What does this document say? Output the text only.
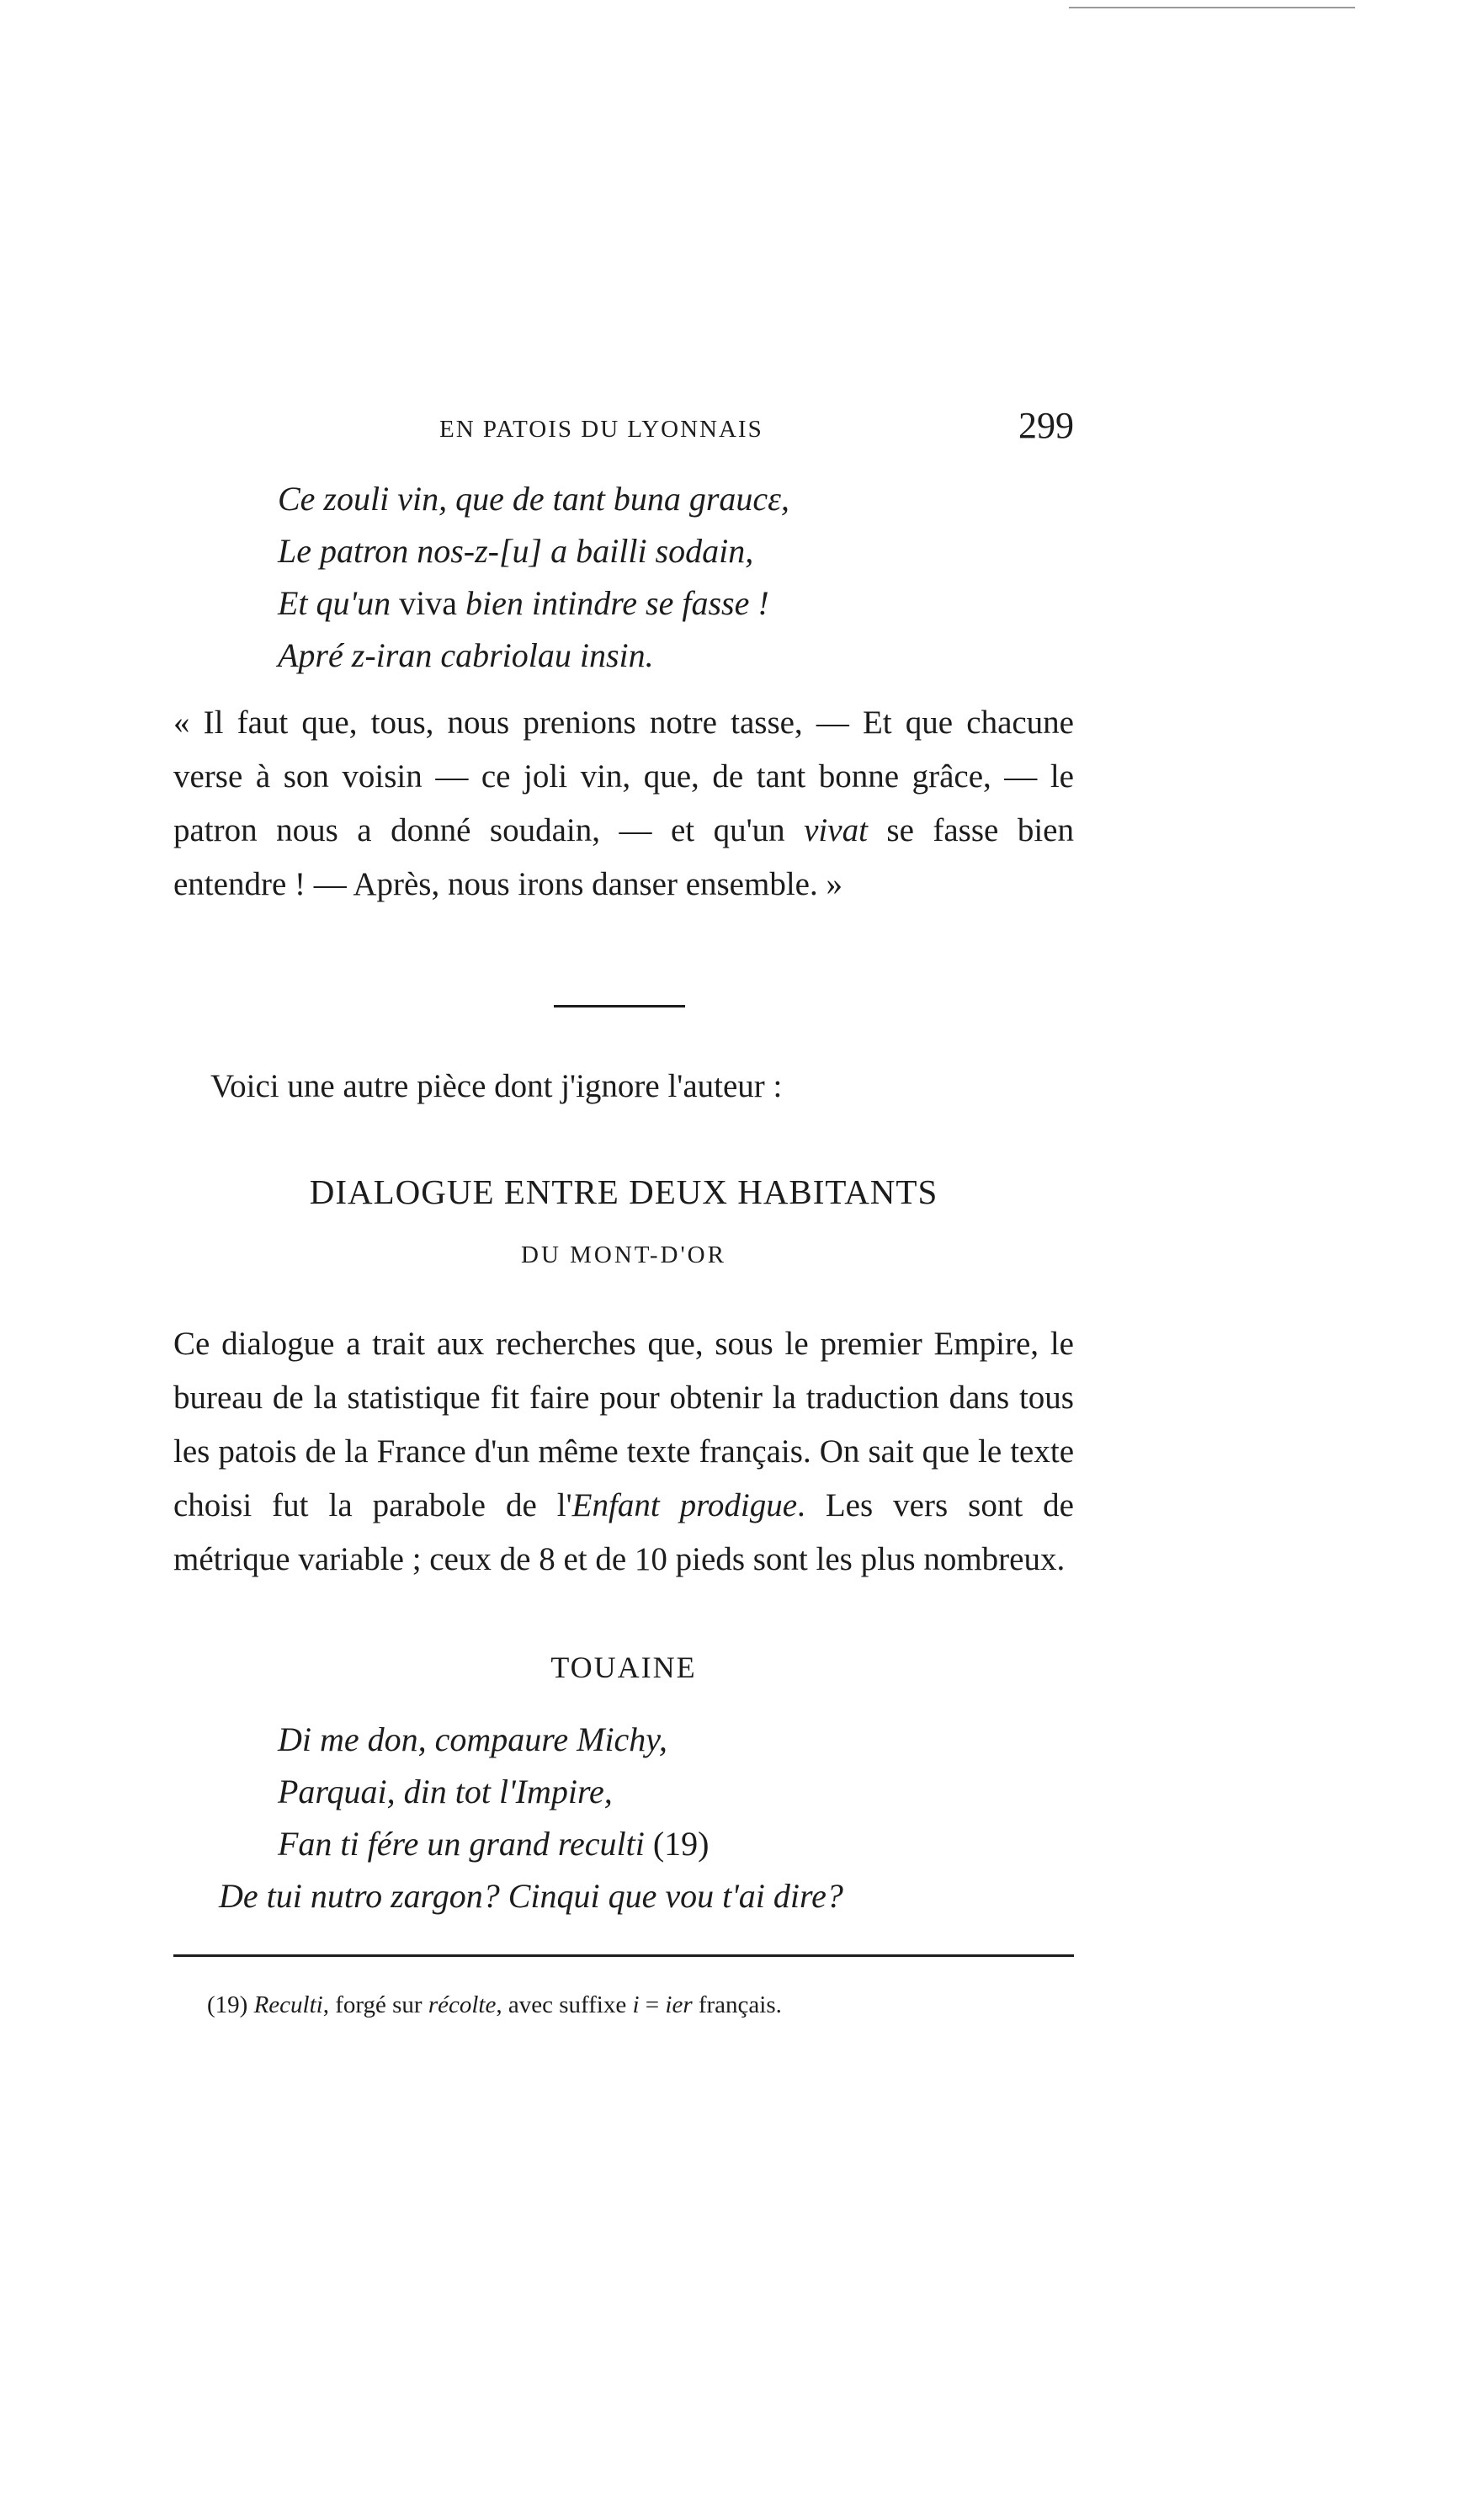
EN PATOIS DU LYONNAIS	299
Ce zouli vin, que de tant buna graucε,
Le patron nos-z-[u] a bailli sodain,
Et qu'un viva bien intindre se fasse !
Apré z-iran cabriolau insin.

« Il faut que, tous, nous prenions notre tasse, — Et que chacune verse à son voisin — ce joli vin, que, de tant bonne grâce, — le patron nous a donné soudain, — et qu'un vivat se fasse bien entendre ! — Après, nous irons danser ensemble. »

Voici une autre pièce dont j'ignore l'auteur :
DIALOGUE ENTRE DEUX HABITANTS
DU MONT-D'OR

Ce dialogue a trait aux recherches que, sous le premier Empire, le bureau de la statistique fit faire pour obtenir la traduction dans tous les patois de la France d'un même texte français. On sait que le texte choisi fut la parabole de l'Enfant prodigue. Les vers sont de métrique variable ; ceux de 8 et de 10 pieds sont les plus nombreux.

TOUAINE
Di me don, compaure Michy,
Parquai, din tot l'Impire,
Fan ti fére un grand reculti (19)
De tui nutro zargon? Cinqui que vou t'ai dire?
(19) Reculti, forgé sur récolte, avec suffixe i = ier français.
